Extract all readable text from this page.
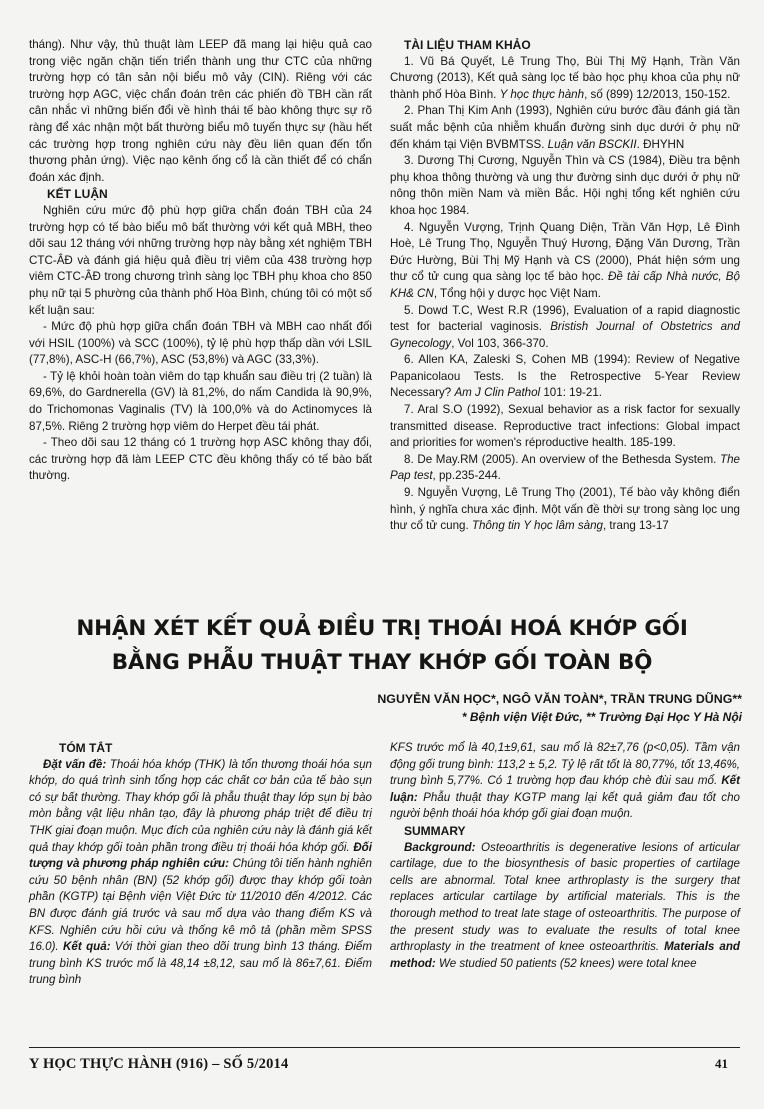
tháng). Như vậy, thủ thuật làm LEEP đã mang lại hiệu quả cao trong việc ngăn chặn tiến triển thành ung thư CTC của những trường hợp có tân sản nội biểu mô vảy (CIN). Riêng với các trường hợp AGC, việc chẩn đoán trên các phiến đồ TBH cần rất cân nhắc vì những biến đổi về hình thái tế bào không thực sự rõ ràng để xác nhận một bất thường biểu mô tuyến thực sự (hầu hết các trường hợp trong nghiên cứu này đều liên quan đến tổn thương phản ứng). Việc nạo kênh ống cổ là cần thiết để có chẩn đoán xác định.

KẾT LUẬN

Nghiên cứu mức độ phù hợp giữa chẩn đoán TBH của 24 trường hợp có tế bào biểu mô bất thường với kết quả MBH, theo dõi sau 12 tháng với những trường hợp này bằng xét nghiệm TBH CTC-ÂĐ và đánh giá hiệu quả điều trị viêm của 438 trường hợp viêm CTC-ÂĐ trong chương trình sàng lọc TBH phụ khoa cho 850 phụ nữ tại 5 phường của thành phố Hòa Bình, chúng tôi có một số kết luận sau:

- Mức độ phù hợp giữa chẩn đoán TBH và MBH cao nhất đối với HSIL (100%) và SCC (100%), tỷ lệ phù hợp thấp dần với LSIL (77,8%), ASC-H (66,7%), ASC (53,8%) và AGC (33,3%).

- Tỷ lệ khỏi hoàn toàn viêm do tạp khuẩn sau điều trị (2 tuần) là 69,6%, do Gardnerella (GV) là 81,2%, do nấm Candida là 90,9%, do Trichomonas Vaginalis (TV) là 100,0% và do Actinomyces là 87,5%. Riêng 2 trường hợp viêm do Herpet đều tái phát.

- Theo dõi sau 12 tháng có 1 trường hợp ASC không thay đổi, các trường hợp đã làm LEEP CTC đều không thấy có tế bào bất thường.

TÀI LIỆU THAM KHẢO

1. Vũ Bá Quyết, Lê Trung Thọ, Bùi Thị Mỹ Hạnh, Trần Văn Chương (2013), Kết quả sàng lọc tế bào học phụ khoa của phụ nữ thành phố Hòa Bình. Y học thực hành, số (899) 12/2013, 150-152.

2. Phan Thị Kim Anh (1993), Nghiên cứu bước đầu đánh giá tần suất mắc bệnh của nhiễm khuẩn đường sinh dục dưới ở phụ nữ đến khám tại Viện BVBMTSS. Luận văn BSCKII. ĐHYHN

3. Dương Thị Cương, Nguyễn Thìn và CS (1984), Điều tra bệnh phụ khoa thông thường và ung thư đường sinh dục dưới ở phụ nữ nông thôn miền Nam và miền Bắc. Hội nghị tổng kết nghiên cứu khoa học 1984.

4. Nguyễn Vượng, Trịnh Quang Diện, Trần Văn Hợp, Lê Đình Hoè, Lê Trung Thọ, Nguyễn Thuý Hương, Đặng Văn Dương, Trần Đức Hường, Bùi Thị Mỹ Hạnh và CS (2000), Phát hiện sớm ung thư cổ tử cung qua sàng lọc tế bào học. Đề tài cấp Nhà nước, Bộ KH& CN, Tổng hội y dược học Việt Nam.

5. Dowd T.C, West R.R (1996), Evaluation of a rapid diagnostic test for bacterial vaginosis. Bristish Journal of Obstetrics and Gynecology, Vol 103, 366-370.

6. Allen KA, Zaleski S, Cohen MB (1994): Review of Negative Papanicolaou Tests. Is the Retrospective 5-Year Review Necessary? Am J Clin Pathol 101: 19-21.

7. Aral S.O (1992), Sexual behavior as a risk factor for sexually transmitted disease. Reproductive tract infections: Global impact and priorities for women's réproductive health. 185-199.

8. De May.RM (2005). An overview of the Bethesda System. The Pap test, pp.235-244.

9. Nguyễn Vượng, Lê Trung Thọ (2001), Tế bào vảy không điển hình, ý nghĩa chưa xác định. Một vấn đề thời sự trong sàng lọc ung thư cổ tử cung. Thông tin Y học lâm sàng, trang 13-17

NHẬN XÉT KẾT QUẢ ĐIỀU TRỊ THOÁI HOÁ KHỚP GỐI
BẰNG PHẪU THUẬT THAY KHỚP GỐI TOÀN BỘ
NGUYỄN VĂN HỌC*, NGÔ VĂN TOÀN*, TRẦN TRUNG DŨNG**
* Bệnh viện Việt Đức, ** Trường Đại Học Y Hà Nội

TÓM TẮT

Đặt vấn đề: Thoái hóa khớp (THK) là tổn thương thoái hóa sụn khớp, do quá trình sinh tổng hợp các chất cơ bản của tế bào sụn có sự bất thường. Thay khớp gối là phẫu thuật thay lớp sụn bị bào mòn bằng vật liệu nhân tạo, đây là phương pháp triệt để điều trị THK giai đoạn muộn. Mục đích của nghiên cứu này là đánh giá kết quả thay khớp gối toàn phần trong điều trị thoái hóa khớp gối. Đối tượng và phương pháp nghiên cứu: Chúng tôi tiến hành nghiên cứu 50 bệnh nhân (BN) (52 khớp gối) được thay khớp gối toàn phần (KGTP) tại Bệnh viện Việt Đức từ 11/2010 đến 4/2012. Các BN được đánh giá trước và sau mổ dựa vào thang điểm KS và KFS. Nghiên cứu hồi cứu và thống kê mô tả (phần mềm SPSS 16.0). Kết quả: Với thời gian theo dõi trung bình 13 tháng. Điểm trung bình KS trước mổ là 48,14 ±8,12, sau mổ là 86±7,61. Điểm trung bình

KFS trước mổ là 40,1±9,61, sau mổ là 82±7,76 (p<0,05). Tầm vận động gối trung bình: 113,2 ± 5,2. Tỷ lệ rất tốt là 80,77%, tốt 13,46%, trung bình 5,77%. Có 1 trường hợp đau khớp chè đùi sau mổ. Kết luận: Phẫu thuật thay KGTP mang lại kết quả giảm đau tốt cho người bệnh thoái hóa khớp gối giai đoạn muộn.

SUMMARY

Background: Osteoarthritis is degenerative lesions of articular cartilage, due to the biosynthesis of basic properties of cartilage cells are abnormal. Total knee arthroplasty is the surgery that replaces articular cartilage by artificial materials. This is the thorough method to treat late stage of osteoarthritis. The purpose of the present study was to evaluate the results of total knee arthroplasty in the treatment of knee osteoarthritis. Materials and method: We studied 50 patients (52 knees) were total knee

Y HỌC THỰC HÀNH (916) – SỐ 5/2014	41
